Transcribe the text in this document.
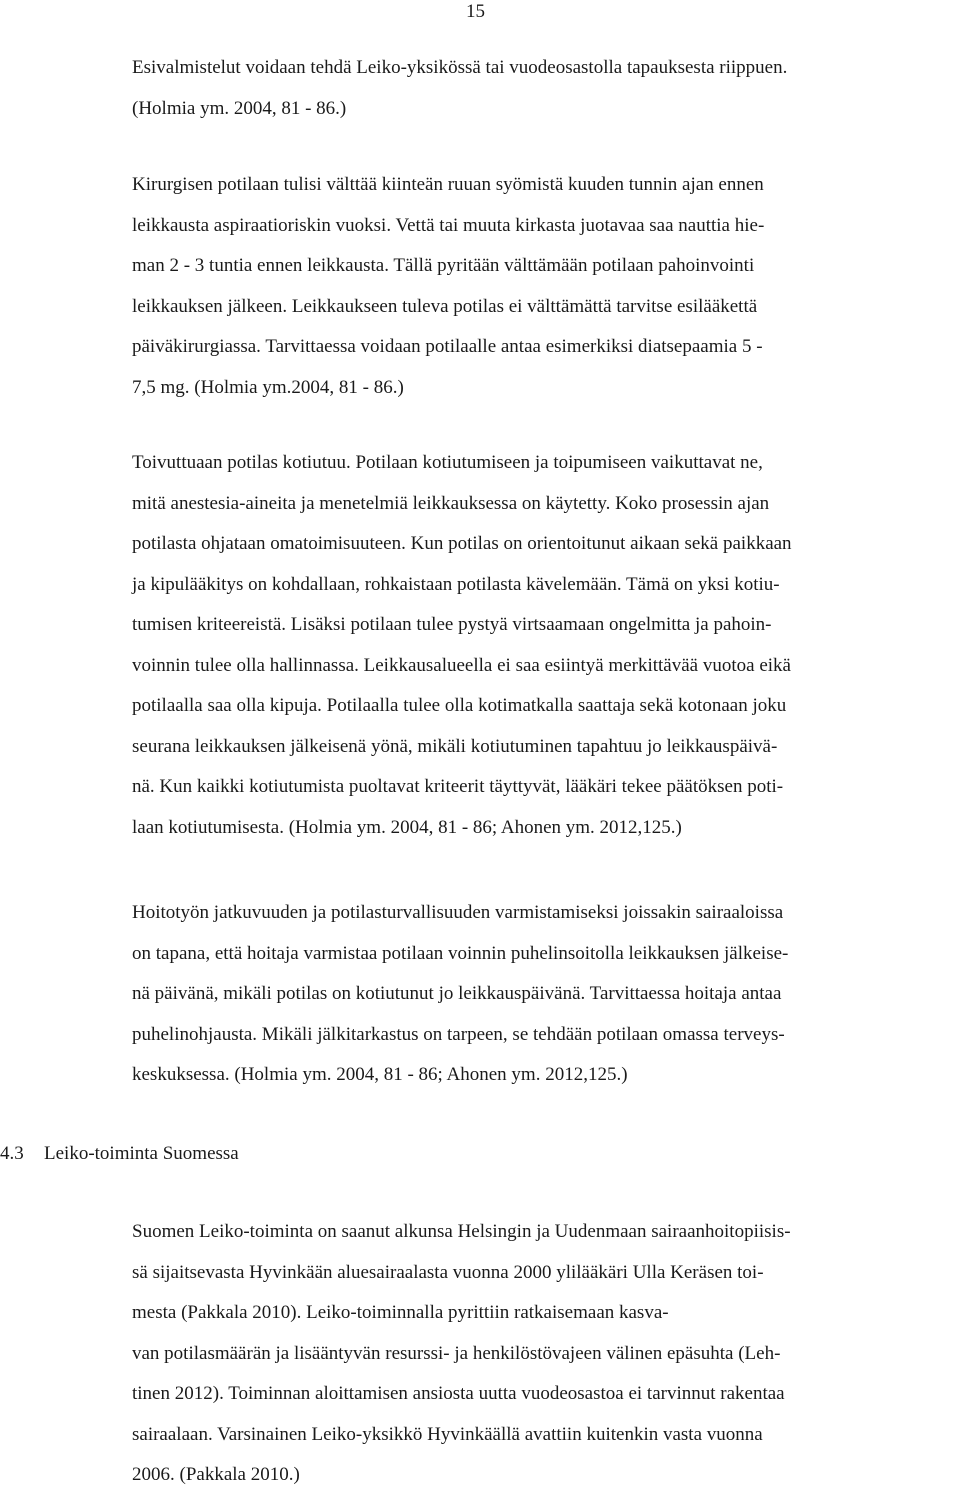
15
Esivalmistelut voidaan tehdä Leiko-yksikössä tai vuodeosastolla tapauksesta riippuen.
(Holmia ym. 2004, 81 - 86.)
Kirurgisen potilaan tulisi välttää kiinteän ruuan syömistä kuuden tunnin ajan ennen
leikkausta aspiraatioriskin vuoksi. Vettä tai muuta kirkasta juotavaa saa nauttia hie-
man 2 - 3 tuntia ennen leikkausta. Tällä pyritään välttämään potilaan pahoinvointi
leikkauksen jälkeen. Leikkaukseen tuleva potilas ei välttämättä tarvitse esilääkettä
päiväkirurgiassa. Tarvittaessa voidaan potilaalle antaa esimerkiksi diatsepaamia 5 -
7,5 mg. (Holmia ym.2004, 81 - 86.)
Toivuttuaan potilas kotiutuu. Potilaan kotiutumiseen ja toipumiseen vaikuttavat ne,
mitä anestesia-aineita ja menetelmiä leikkauksessa on käytetty. Koko prosessin ajan
potilasta ohjataan omatoimisuuteen. Kun potilas on orientoitunut aikaan sekä paikkaan
ja kipulääkitys on kohdallaan, rohkaistaan potilasta kävelemään. Tämä on yksi kotiu-
tumisen kriteereistä. Lisäksi potilaan tulee pystyä virtsaamaan ongelmitta ja pahoin-
voinnin tulee olla hallinnassa. Leikkausalueella ei saa esiintyä merkittävää vuotoa eikä
potilaalla saa olla kipuja. Potilaalla tulee olla kotimatkalla saattaja sekä kotonaan joku
seurana leikkauksen jälkeisenä yönä, mikäli kotiutuminen tapahtuu jo leikkauspäivä-
nä. Kun kaikki kotiutumista puoltavat kriteerit täyttyvät, lääkäri tekee päätöksen poti-
laan kotiutumisesta. (Holmia ym. 2004, 81 - 86; Ahonen ym. 2012,125.)
Hoitotyön jatkuvuuden ja potilasturvallisuuden varmistamiseksi joissakin sairaaloissa
on tapana, että hoitaja varmistaa potilaan voinnin puhelinsoitolla leikkauksen jälkeise-
nä päivänä, mikäli potilas on kotiutunut jo leikkauspäivänä. Tarvittaessa hoitaja antaa
puhelinohjausta. Mikäli jälkitarkastus on tarpeen, se tehdään potilaan omassa terveys-
keskuksessa. (Holmia ym. 2004, 81 - 86; Ahonen ym. 2012,125.)
4.3 Leiko-toiminta Suomessa
Suomen Leiko-toiminta on saanut alkunsa Helsingin ja Uudenmaan sairaanhoitopiisis-
sä sijaitsevasta Hyvinkään aluesairaalasta vuonna 2000 ylilääkäri Ulla Keräsen toi-
mesta (Pakkala 2010). Leiko-toiminnalla pyrittiin ratkaisemaan kasva-
van potilasmäärän ja lisääntyvän resurssi- ja henkilöstövajeen välinen epäsuhta (Leh-
tinen 2012). Toiminnan aloittamisen ansiosta uutta vuodeosastoa ei tarvinnut rakentaa
sairaalaan. Varsinainen Leiko-yksikkö Hyvinkäällä avattiin kuitenkin vasta vuonna
2006. (Pakkala 2010.)
